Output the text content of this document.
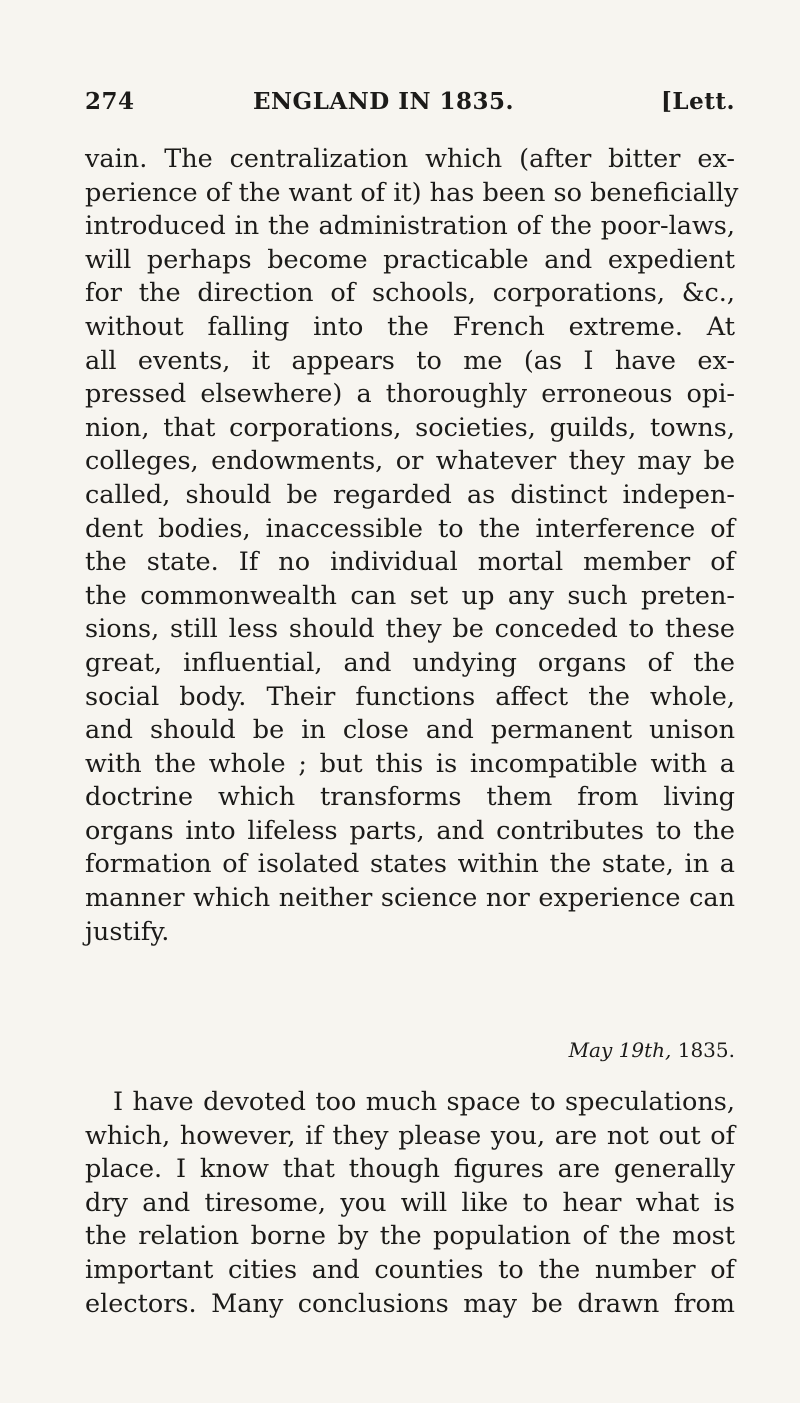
274	ENGLAND IN 1835.	[Lett.
vain. The centralization which (after bitter ex-
perience of the want of it) has been so beneficially
introduced in the administration of the poor-laws,
will perhaps become practicable and expedient
for the direction of schools, corporations, &c.,
without falling into the French extreme. At
all events, it appears to me (as I have ex-
pressed elsewhere) a thoroughly erroneous opi-
nion, that corporations, societies, guilds, towns,
colleges, endowments, or whatever they may be
called, should be regarded as distinct indepen-
dent bodies, inaccessible to the interference of
the state. If no individual mortal member of
the commonwealth can set up any such preten-
sions, still less should they be conceded to these
great, influential, and undying organs of the
social body. Their functions affect the whole,
and should be in close and permanent unison
with the whole ; but this is incompatible with a
doctrine which transforms them from living
organs into lifeless parts, and contributes to the
formation of isolated states within the state, in a
manner which neither science nor experience can
justify.
May 19th, 1835.
I have devoted too much space to speculations,
which, however, if they please you, are not out of
place. I know that though figures are generally
dry and tiresome, you will like to hear what is
the relation borne by the population of the most
important cities and counties to the number of
electors. Many conclusions may be drawn from
